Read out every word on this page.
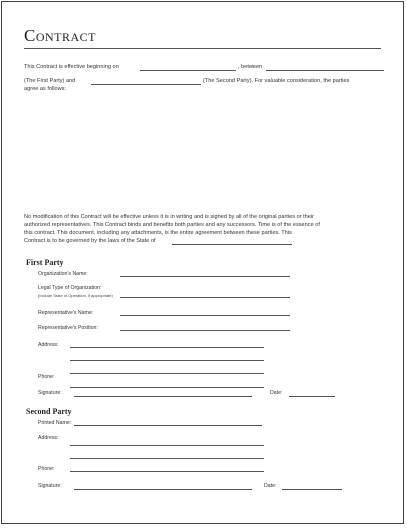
Contract
This Contract is effective beginning on	, between
(The First Party) and	(The Second Party). For valuable consideration, the parties
agree as follows:
No modification of this Contract will be effective unless it is in writing and is signed by all of the original parties or their
authorized representatives. This Contract binds and benefits both parties and any successors. Time is of the essence of
this contract. This document, including any attachments, is the entire agreement between these parties. This
Contract is to be governed by the laws of the State of	.
First Party
Organization's Name:
Legal Type of Organization:
(Include State of Operation, if appropriate)
Representative's Name:
Representative's Position:
Address:
Phone:
Signature:	Date:
Second Party
Printed Name:
Address:
Phone:
Signature:	Date:
